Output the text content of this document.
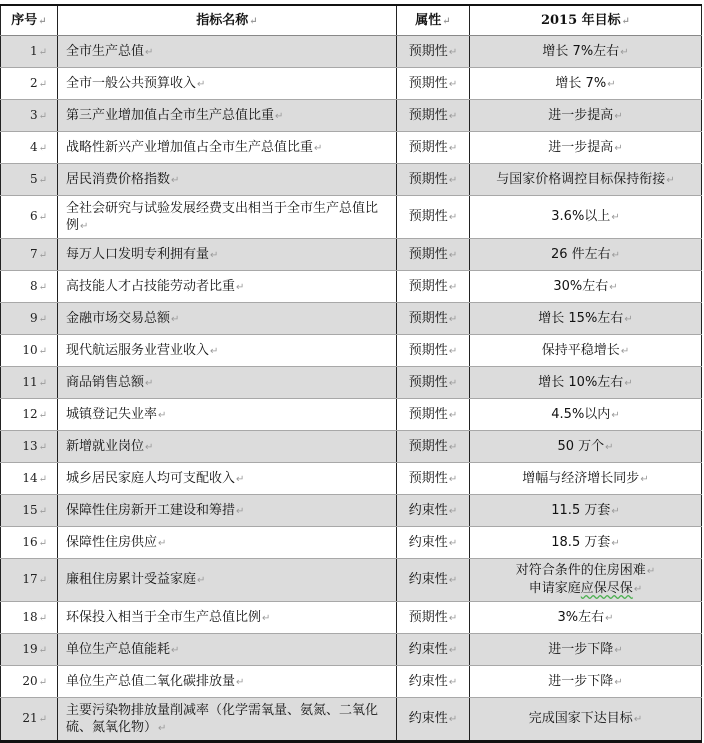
序号↵	指标名称↵	属性↵	2015 年目标↵
1↵	全市生产总值↵	预期性↵	增长 7%左右↵
2↵	全市一般公共预算收入↵	预期性↵	增长 7%↵
3↵	第三产业增加值占全市生产总值比重↵	预期性↵	进一步提高↵
4↵	战略性新兴产业增加值占全市生产总值比重↵	预期性↵	进一步提高↵
5↵	居民消费价格指数↵	预期性↵	与国家价格调控目标保持衔接↵
6↵	全社会研究与试验发展经费支出相当于全市生产总值比例↵	预期性↵	3.6%以上↵
7↵	每万人口发明专利拥有量↵	预期性↵	26 件左右↵
8↵	高技能人才占技能劳动者比重↵	预期性↵	30%左右↵
9↵	金融市场交易总额↵	预期性↵	增长 15%左右↵
10↵	现代航运服务业营业收入↵	预期性↵	保持平稳增长↵
11↵	商品销售总额↵	预期性↵	增长 10%左右↵
12↵	城镇登记失业率↵	预期性↵	4.5%以内↵
13↵	新增就业岗位↵	预期性↵	50 万个↵
14↵	城乡居民家庭人均可支配收入↵	预期性↵	增幅与经济增长同步↵
15↵	保障性住房新开工建设和筹措↵	约束性↵	11.5 万套↵
16↵	保障性住房供应↵	约束性↵	18.5 万套↵
17↵	廉租住房累计受益家庭↵	约束性↵	对符合条件的住房困难↵
申请家庭应保尽保↵
18↵	环保投入相当于全市生产总值比例↵	预期性↵	3%左右↵
19↵	单位生产总值能耗↵	约束性↵	进一步下降↵
20↵	单位生产总值二氧化碳排放量↵	约束性↵	进一步下降↵
21↵	主要污染物排放量削减率（化学需氧量、氨氮、二氧化硫、氮氧化物）↵	约束性↵	完成国家下达目标↵
